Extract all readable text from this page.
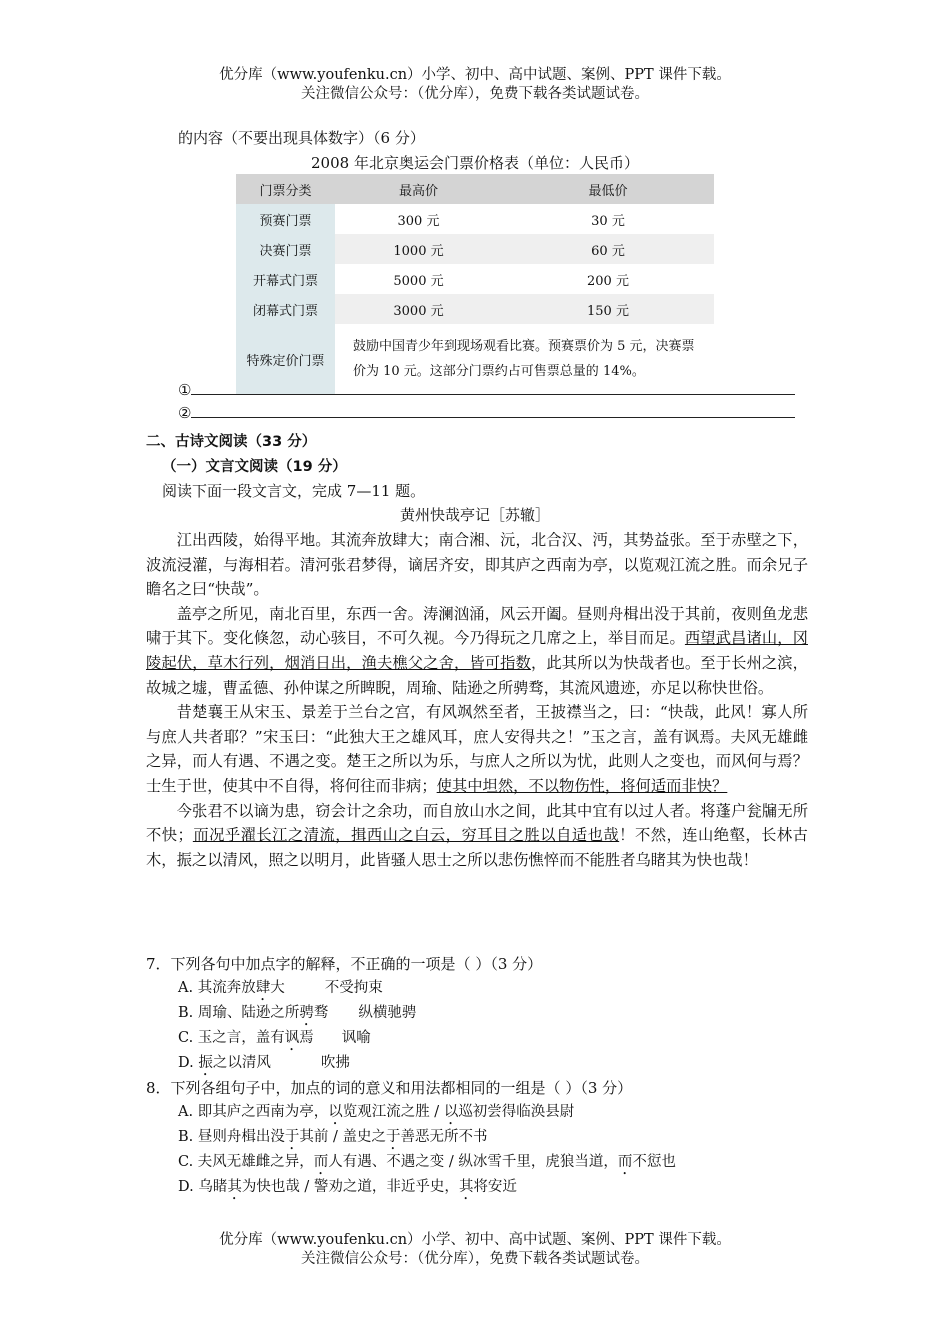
优分库（www.youfenku.cn）小学、初中、高中试题、案例、PPT 课件下载。
关注微信公众号：（优分库），免费下载各类试题试卷。
的内容（不要出现具体数字）（6 分）
2008 年北京奥运会门票价格表（单位：人民币）
门票分类	最高价	最低价
预赛门票	300 元	30 元
决赛门票	1000 元	60 元
开幕式门票	5000 元	200 元
闭幕式门票	3000 元	150 元
特殊定价门票	鼓励中国青少年到现场观看比赛。预赛票价为 5 元，决赛票价为 10 元。这部分门票约占可售票总量的 14%。	
①
②
二、古诗文阅读（33 分）
（一）文言文阅读（19 分）
阅读下面一段文言文，完成 7—11 题。
黄州快哉亭记［苏辙］

江出西陵，始得平地。其流奔放肆大；南合湘、沅，北合汉、沔，其势益张。至于赤壁之下，波流浸灌，与海相若。清河张君梦得，谪居齐安，即其庐之西南为亭，以览观江流之胜。而余兄子瞻名之曰“快哉”。

盖亭之所见，南北百里，东西一舍。涛澜汹涌，风云开阖。昼则舟楫出没于其前，夜则鱼龙悲啸于其下。变化倏忽，动心骇目，不可久视。今乃得玩之几席之上，举目而足。西望武昌诸山，冈陵起伏，草木行列，烟消日出，渔夫樵父之舍，皆可指数，此其所以为快哉者也。至于长州之滨，故城之墟，曹孟德、孙仲谋之所睥睨，周瑜、陆逊之所骋骛，其流风遗迹，亦足以称快世俗。

昔楚襄王从宋玉、景差于兰台之宫，有风飒然至者，王披襟当之，曰：“快哉，此风！寡人所与庶人共者耶？”宋玉曰：“此独大王之雄风耳，庶人安得共之！”玉之言，盖有讽焉。夫风无雄雌之异，而人有遇、不遇之变。楚王之所以为乐，与庶人之所以为忧，此则人之变也，而风何与焉？士生于世，使其中不自得，将何往而非病；使其中坦然，不以物伤性，将何适而非快？

今张君不以谪为患，窃会计之余功，而自放山水之间，此其中宜有以过人者。将蓬户瓮牖无所不快；而况乎濯长江之清流，揖西山之白云，穷耳目之胜以自适也哉！不然，连山绝壑，长林古木，振之以清风，照之以明月，此皆骚人思士之所以悲伤憔悴而不能胜者乌睹其为快也哉！

7．下列各句中加点字的解释，不正确的一项是（ ）（3 分）
A. 其流奔放肆大	不受拘束
B. 周瑜、陆逊之所骋骛 纵横驰骋
C. 玉之言，盖有讽焉 讽喻
D. 振之以清风	吹拂
8．下列各组句子中，加点的词的意义和用法都相同的一组是（ ）（3 分）
A. 即其庐之西南为亭，以览观江流之胜 / 以巡初尝得临涣县尉
B. 昼则舟楫出没于其前 / 盖史之于善恶无所不书
C. 夫风无雄雌之异，而人有遇、不遇之变 / 纵冰雪千里，虎狼当道，而不愆也
D. 乌睹其为快也哉 / 警劝之道，非近乎史，其将安近
优分库（www.youfenku.cn）小学、初中、高中试题、案例、PPT 课件下载。
关注微信公众号：（优分库），免费下载各类试题试卷。
